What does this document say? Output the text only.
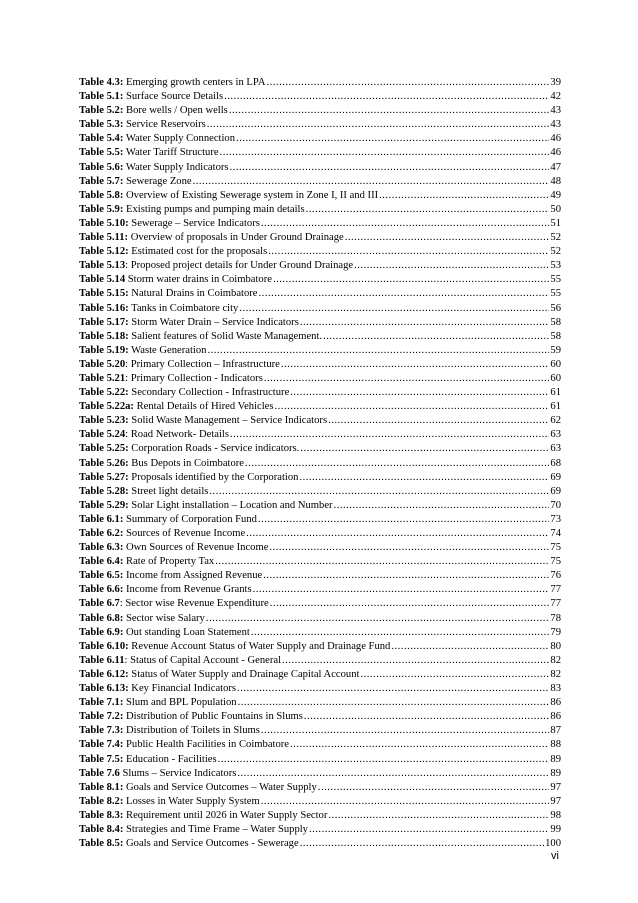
Table 4.3: Emerging growth centers in LPA .....	39
Table 5.1: Surface Source Details .....	42
Table 5.2: Bore wells / Open wells .....	43
Table 5.3: Service Reservoirs .....	43
Table 5.4: Water Supply Connection .....	46
Table 5.5: Water Tariff Structure .....	46
Table 5.6: Water Supply Indicators .....	47
Table 5.7: Sewerage Zone .....	48
Table 5.8: Overview of Existing Sewerage system in Zone I, II and III .....	49
Table 5.9: Existing pumps and pumping main details .....	50
Table 5.10: Sewerage – Service Indicators .....	51
Table 5.11: Overview of proposals in Under Ground Drainage .....	52
Table 5.12: Estimated cost for the proposals .....	52
Table 5.13: Proposed project details for Under Ground Drainage .....	53
Table 5.14 Storm water drains in Coimbatore .....	55
Table 5.15: Natural Drains in Coimbatore .....	55
Table 5.16: Tanks in Coimbatore city .....	56
Table 5.17: Storm Water Drain – Service Indicators .....	58
Table 5.18: Salient features of Solid Waste Management. .....	58
Table 5.19: Waste Generation .....	59
Table 5.20: Primary Collection – Infrastructure .....	60
Table 5.21: Primary Collection - Indicators .....	60
Table 5.22: Secondary Collection - Infrastructure .....	61
Table 5.22a: Rental Details of Hired Vehicles .....	61
Table 5.23: Solid Waste Management – Service Indicators .....	62
Table 5.24: Road Network- Details .....	63
Table 5.25: Corporation Roads - Service indicators. .....	63
Table 5.26: Bus Depots in Coimbatore .....	68
Table 5.27: Proposals identified by the Corporation .....	69
Table 5.28: Street light details .....	69
Table 5.29: Solar Light installation – Location and Number .....	70
Table 6.1: Summary of Corporation Fund .....	73
Table 6.2: Sources of Revenue Income .....	74
Table 6.3: Own Sources of Revenue Income .....	75
Table 6.4: Rate of Property Tax .....	75
Table 6.5: Income from Assigned Revenue .....	76
Table 6.6: Income from Revenue Grants .....	77
Table 6.7: Sector wise Revenue Expenditure .....	77
Table 6.8: Sector wise Salary .....	78
Table 6.9: Out standing Loan Statement .....	79
Table 6.10: Revenue Account Status of Water Supply and Drainage Fund .....	80
Table 6.11: Status of Capital Account - General .....	82
Table 6.12: Status of Water Supply and Drainage Capital Account .....	82
Table 6.13: Key Financial Indicators .....	83
Table 7.1: Slum and BPL Population .....	86
Table 7.2: Distribution of Public Fountains in Slums .....	86
Table 7.3: Distribution of Toilets in Slums .....	87
Table 7.4: Public Health Facilities in Coimbatore .....	88
Table 7.5: Education - Facilities .....	89
Table 7.6 Slums – Service Indicators .....	89
Table 8.1: Goals and Service Outcomes – Water Supply .....	97
Table 8.2: Losses in Water Supply System .....	97
Table 8.3: Requirement until 2026 in Water Supply Sector .....	98
Table 8.4: Strategies and Time Frame – Water Supply .....	99
Table 8.5: Goals and Service Outcomes - Sewerage .....	100
vi
